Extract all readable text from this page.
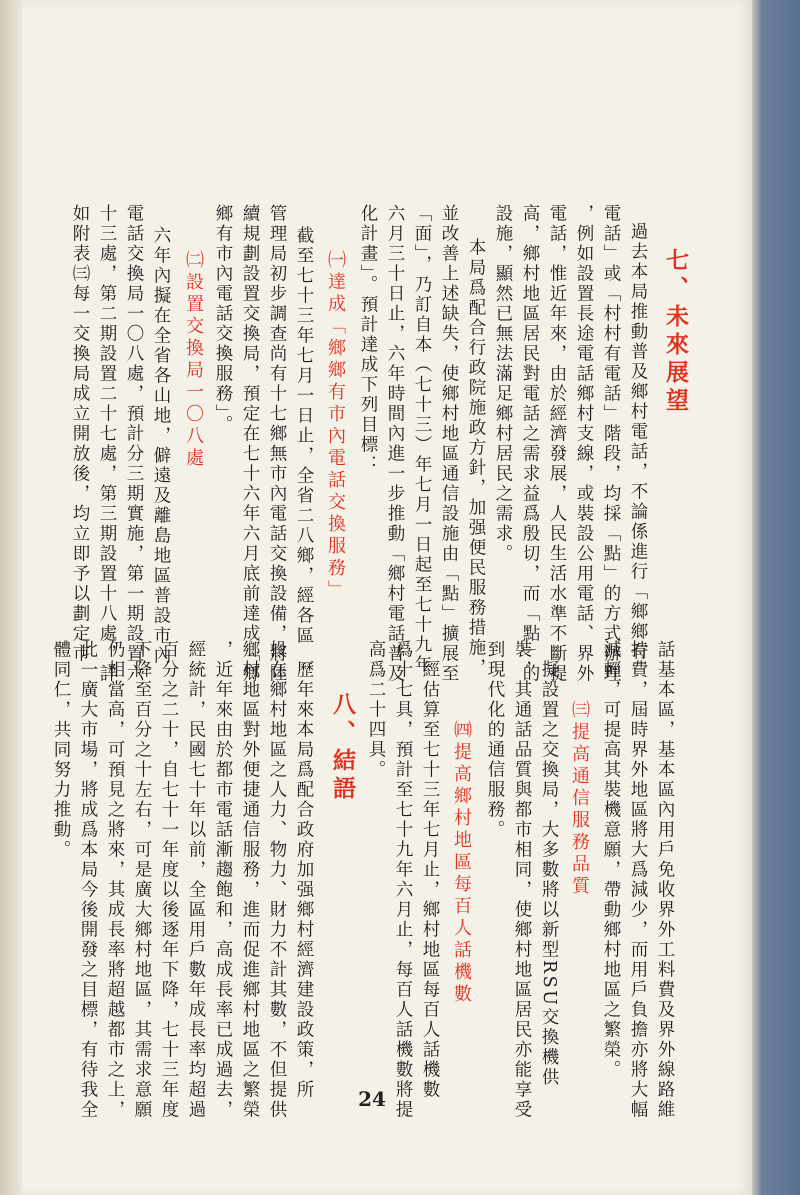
七、未來展望
過去本局推動普及鄉村電話，不論係進行「鄉鄉有
電話」或「村村有電話」階段，均採「點」的方式辦理
，例如設置長途電話鄉村支線，或裝設公用電話、界外
電話，惟近年來，由於經濟發展，人民生活水準不斷提
高，鄉村地區居民對電話之需求益爲殷切，而「點」的
設施，顯然已無法滿足鄉村居民之需求。
本局爲配合行政院施政方針，加强便民服務措施，
並改善上述缺失，使鄉村地區通信設施由「點」擴展至
「面」，乃訂自本（七十三）年七月一日起至七十九年
六月三十日止，六年時間內進一步推動「鄉村電話普及
化計畫」。預計達成下列目標：
㈠達成「鄉鄉有市內電話交換服務」
截至七十三年七月一日止，全省二八鄉，經各區
管理局初步調查尚有十七鄉無市內電話交換設備，將陸
續規劃設置交換局，預定在七十六年六月底前達成「鄉
鄉有市內電話交換服務」。
㈡設置交換局一〇八處
六年內擬在全省各山地，僻遠及離島地區普設市內
電話交換局一〇八處，預計分三期實施，第一期設置六
十三處，第二期設置二十七處，第三期設置十八處，詳
如附表㈢每一交換局成立開放後，均立即予以劃定市
話基本區，基本區內用戶免收界外工料費及界外線路維
持費，屆時界外地區將大爲減少，而用戶負擔亦將大幅
減輕，可提高其裝機意願，帶動鄉村地區之繁榮。
㈢提高通信服務品質
擬設置之交換局，大多數將以新型RSU交換機供
裝，其通話品質與都市相同，使鄉村地區居民亦能享受
到現代化的通信服務。
㈣提高鄉村地區每百人話機數
經估算至七十三年七月止，鄉村地區每百人話機數
爲十七具，預計至七十九年六月止，每百人話機數將提
高爲二十四具。
八、結語
歷年來本局爲配合政府加强鄉村經濟建設政策，所
投在鄉村地區之人力、物力、財力不計其數，不但提供
鄉村地區對外便捷通信服務，進而促進鄉村地區之繁榮
，近年來由於都市電話漸趨飽和，高成長率已成過去，
經統計，民國七十年以前，全區用戶數年成長率均超過
百分之二十，自七十一年度以後逐年下降，七十三年度
下降至百分之十左右，可是廣大鄉村地區，其需求意願
仍相當高，可預見之將來，其成長率將超越都市之上，
此一廣大市場，將成爲本局今後開發之目標，有待我全
體同仁，共同努力推動。
24
